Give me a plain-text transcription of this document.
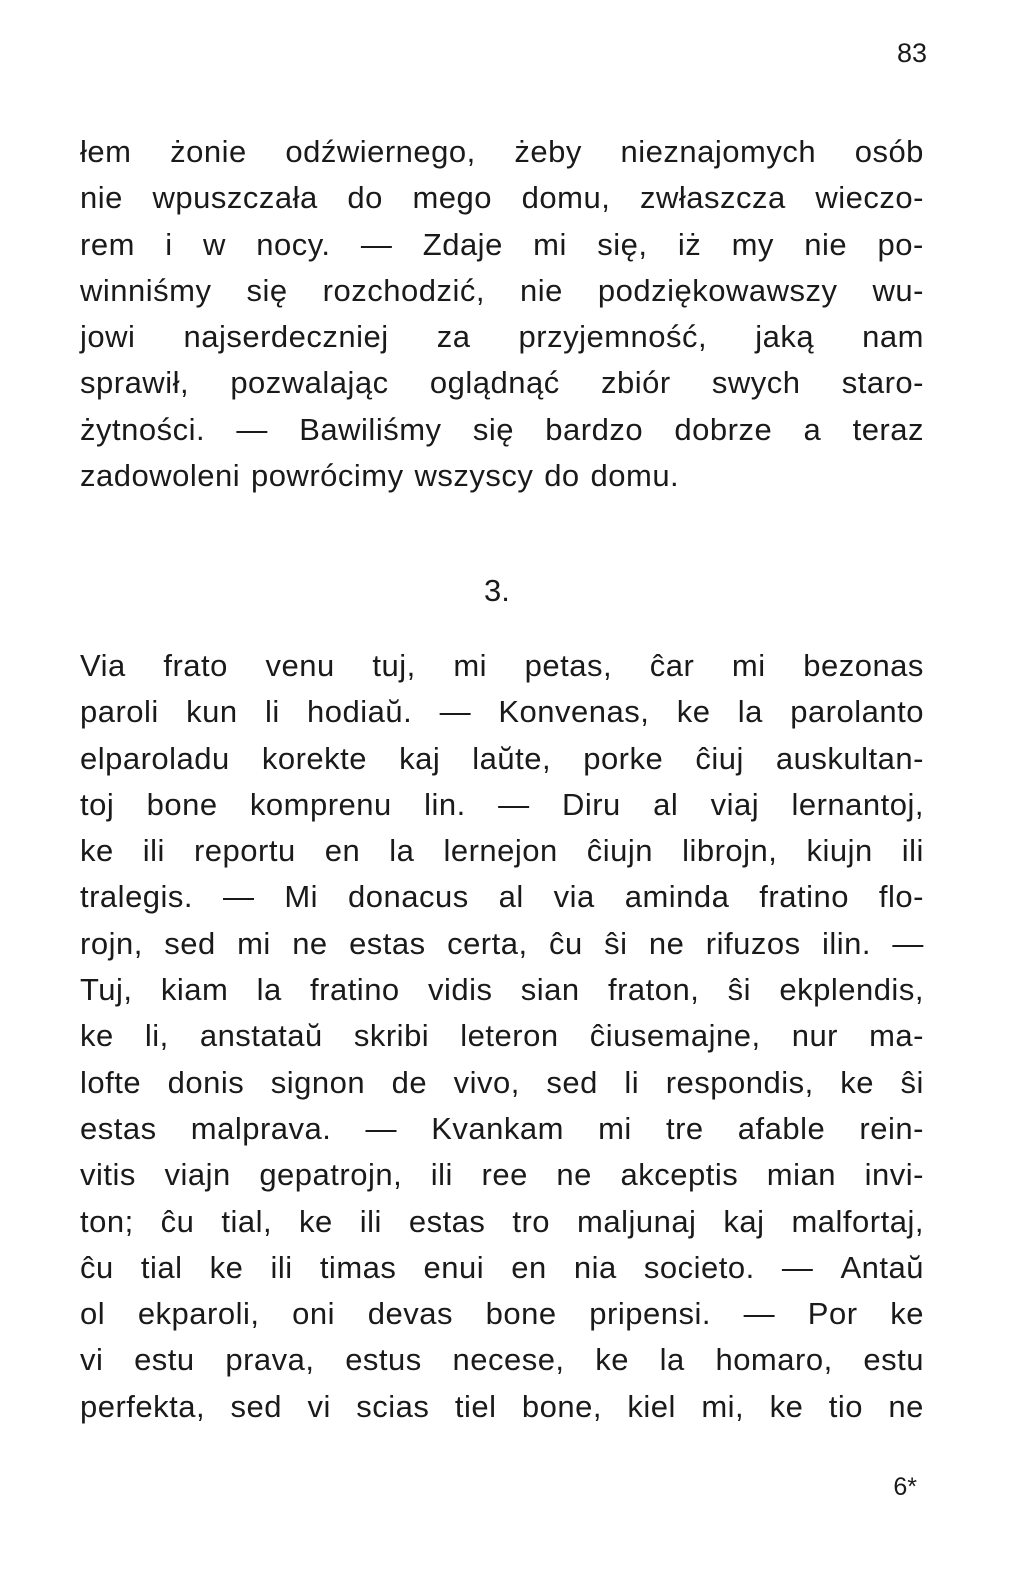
83
łem żonie odźwiernego, żeby nieznajomych osób
nie wpuszczała do mego domu, zwłaszcza wieczo-
rem i w nocy. — Zdaje mi się, iż my nie po-
winniśmy się rozchodzić, nie podziękowawszy wu-
jowi najserdeczniej za przyjemność, jaką nam
sprawił, pozwalając oglądnąć zbiór swych staro-
żytności. — Bawiliśmy się bardzo dobrze a teraz
zadowoleni powrócimy wszyscy do domu.
3.
Via frato venu tuj, mi petas, ĉar mi bezonas
paroli kun li hodiaŭ. — Konvenas, ke la parolanto
elparoladu korekte kaj laŭte, porke ĉiuj auskultan-
toj bone komprenu lin. — Diru al viaj lernantoj,
ke ili reportu en la lernejon ĉiujn librojn, kiujn ili
tralegis. — Mi donacus al via aminda fratino flo-
rojn, sed mi ne estas certa, ĉu ŝi ne rifuzos ilin. —
Tuj, kiam la fratino vidis sian fraton, ŝi ekplendis,
ke li, anstataŭ skribi leteron ĉiusemajne, nur ma-
lofte donis signon de vivo, sed li respondis, ke ŝi
estas malprava. — Kvankam mi tre afable rein-
vitis viajn gepatrojn, ili ree ne akceptis mian invi-
ton; ĉu tial, ke ili estas tro maljunaj kaj malfortaj,
ĉu tial ke ili timas enui en nia societo. — Antaŭ
ol ekparoli, oni devas bone pripensi. — Por ke
vi estu prava, estus necese, ke la homaro, estu
perfekta, sed vi scias tiel bone, kiel mi, ke tio ne
6*
